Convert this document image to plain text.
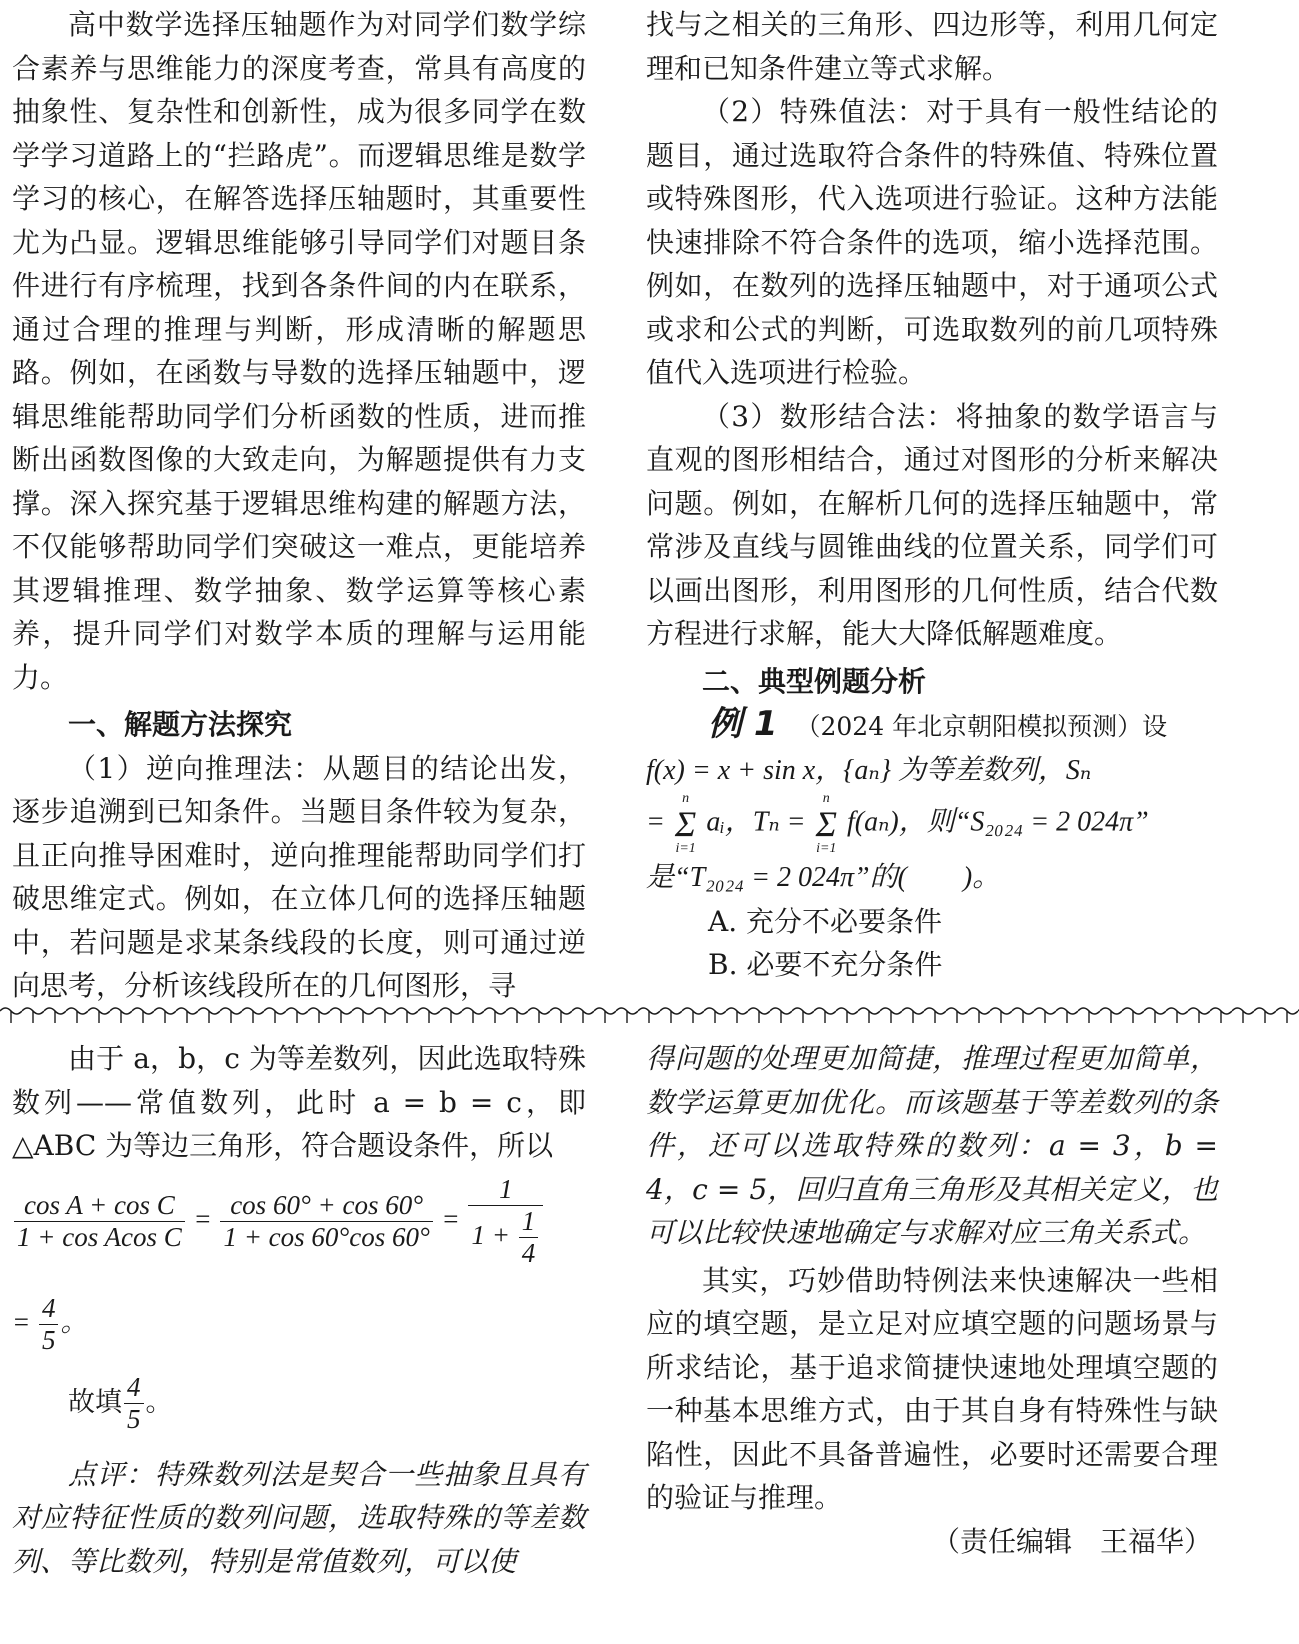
高中数学选择压轴题作为对同学们数学综合素养与思维能力的深度考查，常具有高度的抽象性、复杂性和创新性，成为很多同学在数学学习道路上的“拦路虎”。而逻辑思维是数学学习的核心，在解答选择压轴题时，其重要性尤为凸显。逻辑思维能够引导同学们对题目条件进行有序梳理，找到各条件间的内在联系，通过合理的推理与判断，形成清晰的解题思路。例如，在函数与导数的选择压轴题中，逻辑思维能帮助同学们分析函数的性质，进而推断出函数图像的大致走向，为解题提供有力支撑。深入探究基于逻辑思维构建的解题方法，不仅能够帮助同学们突破这一难点，更能培养其逻辑推理、数学抽象、数学运算等核心素养，提升同学们对数学本质的理解与运用能力。

一、解题方法探究

（1）逆向推理法：从题目的结论出发，逐步追溯到已知条件。当题目条件较为复杂，且正向推导困难时，逆向推理能帮助同学们打破思维定式。例如，在立体几何的选择压轴题中，若问题是求某条线段的长度，则可通过逆向思考，分析该线段所在的几何图形，寻

找与之相关的三角形、四边形等，利用几何定理和已知条件建立等式求解。

（2）特殊值法：对于具有一般性结论的题目，通过选取符合条件的特殊值、特殊位置或特殊图形，代入选项进行验证。这种方法能快速排除不符合条件的选项，缩小选择范围。例如，在数列的选择压轴题中，对于通项公式或求和公式的判断，可选取数列的前几项特殊值代入选项进行检验。

（3）数形结合法：将抽象的数学语言与直观的图形相结合，通过对图形的分析来解决问题。例如，在解析几何的选择压轴题中，常常涉及直线与圆锥曲线的位置关系，同学们可以画出图形，利用图形的几何性质，结合代数方程进行求解，能大大降低解题难度。

二、典型例题分析

例 1 （2024 年北京朝阳模拟预测）设

f(x) = x + sin x，{aₙ} 为等差数列，Sₙ

=
n
Σ
i=1
aᵢ，Tₙ =
n
Σ
i=1
f(aₙ)，则“S₂₀₂₄ = 2 024π”

是“T₂₀₂₄ = 2 024π”的(　　)。

A. 充分不必要条件

B. 必要不充分条件

由于 a，b，c 为等差数列，因此选取特殊数列——常值数列，此时 a = b = c，即△ABC 为等边三角形，符合题设条件，所以

$\frac{\text{cos A + cos C}}{\text{1 + cos Acos C}} = \frac{\cos 60^\circ + \cos 60^\circ}{1 + \cos 60^\circ\cos 60^\circ} = \frac{1}{1 + \frac{1}{4}}$

= $\frac{4}{5}$ 。

故填 $\frac{4}{5}$ 。

点评：特殊数列法是契合一些抽象且具有对应特征性质的数列问题，选取特殊的等差数列、等比数列，特别是常值数列，可以使

得问题的处理更加简捷，推理过程更加简单，数学运算更加优化。而该题基于等差数列的条件，还可以选取特殊的数列：a = 3，b = 4，c = 5，回归直角三角形及其相关定义，也可以比较快速地确定与求解对应三角关系式。

其实，巧妙借助特例法来快速解决一些相应的填空题，是立足对应填空题的问题场景与所求结论，基于追求简捷快速地处理填空题的一种基本思维方式，由于其自身有特殊性与缺陷性，因此不具备普遍性，必要时还需要合理的验证与推理。

（责任编辑　王福华）
